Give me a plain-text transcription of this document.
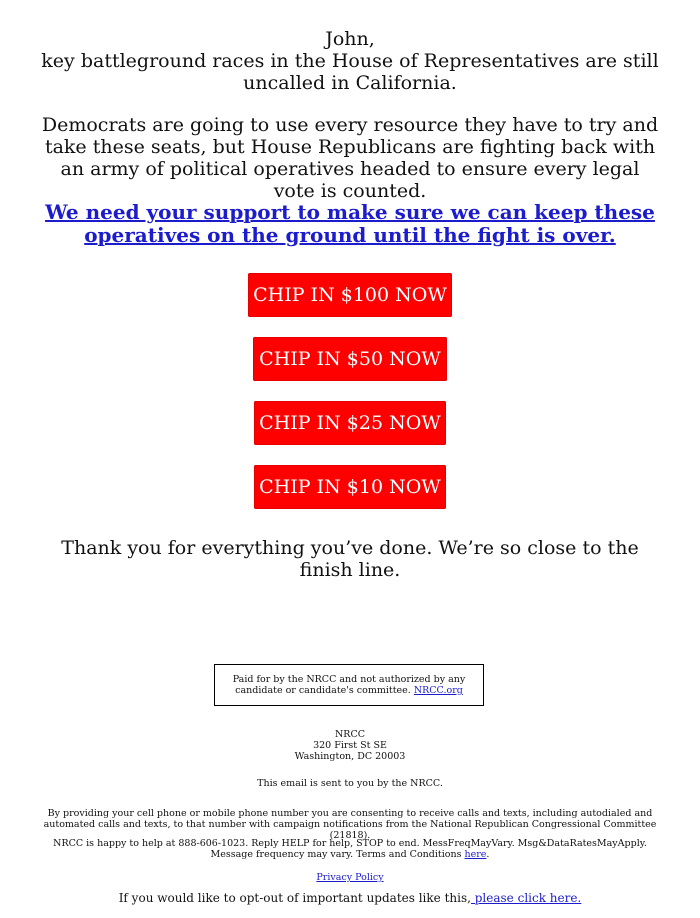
John,
key battleground races in the House of Representatives are still uncalled in California.

Democrats are going to use every resource they have to try and take these seats, but House Republicans are fighting back with an army of political operatives headed to ensure every legal vote is counted.

We need your support to make sure we can keep these operatives on the ground until the fight is over.

CHIP IN $100 NOW
CHIP IN $50 NOW
CHIP IN $25 NOW
CHIP IN $10 NOW

Thank you for everything you’ve done. We’re so close to the finish line.

Paid for by the NRCC and not authorized by any candidate or candidate's committee. NRCC.org

NRCC
320 First St SE
Washington, DC 20003

This email is sent to you by the NRCC.

By providing your cell phone or mobile phone number you are consenting to receive calls and texts, including autodialed and automated calls and texts, to that number with campaign notifications from the National Republican Congressional Committee (21818).

NRCC is happy to help at 888-606-1023. Reply HELP for help, STOP to end. MessFreqMayVary. Msg&DataRatesMayApply. Message frequency may vary. Terms and Conditions here.

Privacy Policy

If you would like to opt-out of important updates like this, please click here.
